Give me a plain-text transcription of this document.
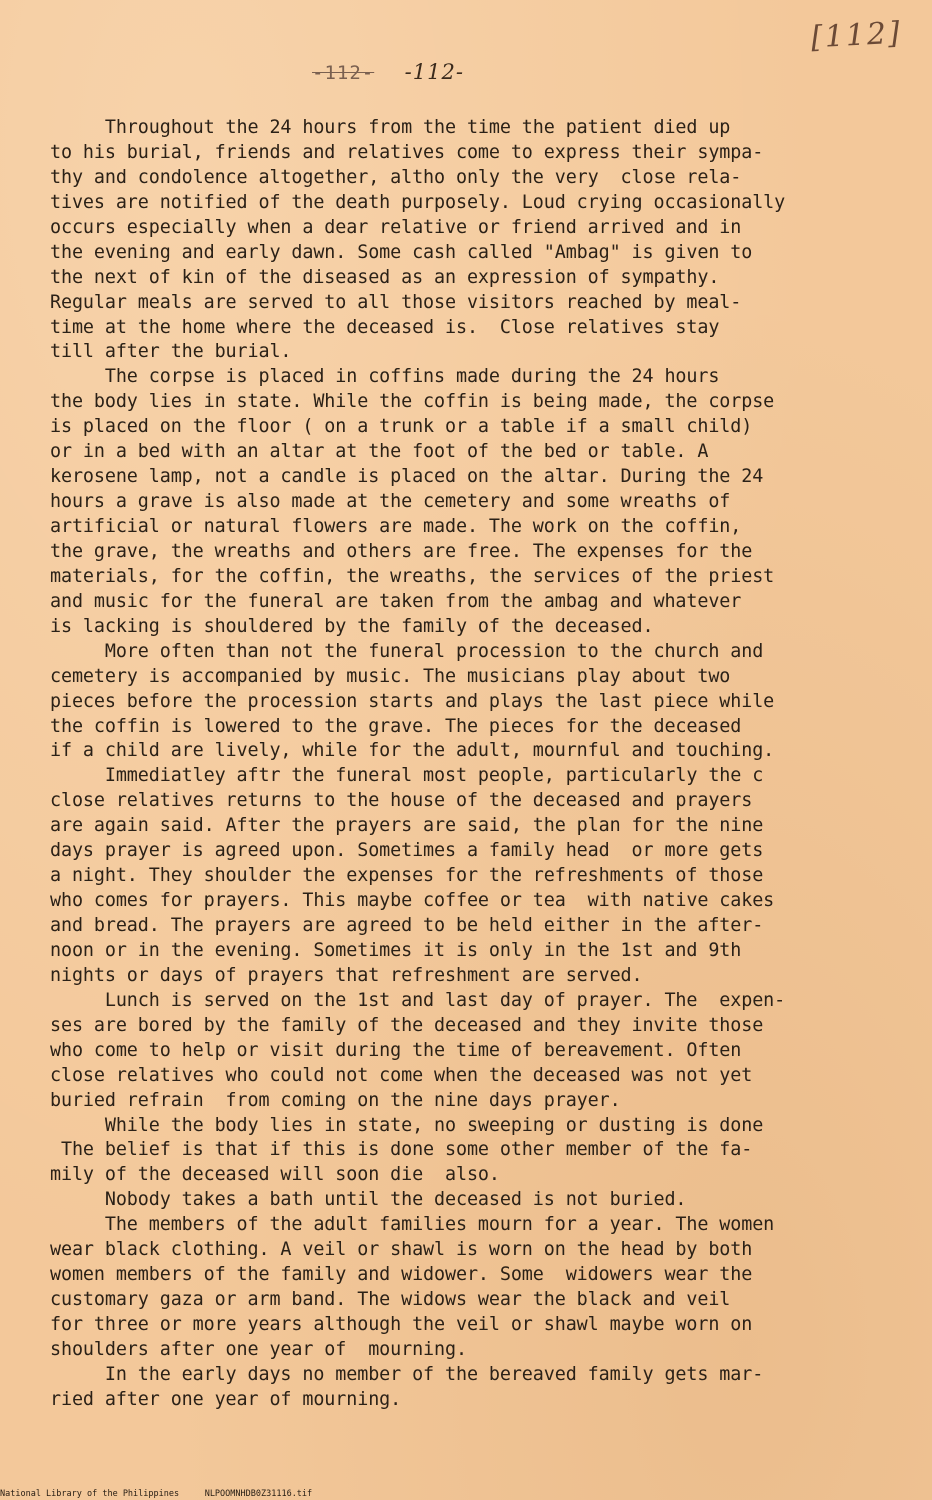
[112]
-112- -112-
Throughout the 24 hours from the time the patient died up
to his burial, friends and relatives come to express their sympa-
thy and condolence altogether, altho only the very  close rela-
tives are notified of the death purposely. Loud crying occasionally
occurs especially when a dear relative or friend arrived and in
the evening and early dawn. Some cash called "Ambag" is given to
the next of kin of the diseased as an expression of sympathy.
Regular meals are served to all those visitors reached by meal-
time at the home where the deceased is.  Close relatives stay
till after the burial.
The corpse is placed in coffins made during the 24 hours
the body lies in state. While the coffin is being made, the corpse
is placed on the floor ( on a trunk or a table if a small child)
or in a bed with an altar at the foot of the bed or table. A
kerosene lamp, not a candle is placed on the altar. During the 24
hours a grave is also made at the cemetery and some wreaths of
artificial or natural flowers are made. The work on the coffin,
the grave, the wreaths and others are free. The expenses for the
materials, for the coffin, the wreaths, the services of the priest
and music for the funeral are taken from the ambag and whatever
is lacking is shouldered by the family of the deceased.
More often than not the funeral procession to the church and
cemetery is accompanied by music. The musicians play about two
pieces before the procession starts and plays the last piece while
the coffin is lowered to the grave. The pieces for the deceased
if a child are lively, while for the adult, mournful and touching.
Immediatley aftr the funeral most people, particularly the c
close relatives returns to the house of the deceased and prayers
are again said. After the prayers are said, the plan for the nine
days prayer is agreed upon. Sometimes a family head  or more gets
a night. They shoulder the expenses for the refreshments of those
who comes for prayers. This maybe coffee or tea  with native cakes
and bread. The prayers are agreed to be held either in the after-
noon or in the evening. Sometimes it is only in the 1st and 9th
nights or days of prayers that refreshment are served.
Lunch is served on the 1st and last day of prayer. The  expen-
ses are bored by the family of the deceased and they invite those
who come to help or visit during the time of bereavement. Often
close relatives who could not come when the deceased was not yet
buried refrain  from coming on the nine days prayer.
While the body lies in state, no sweeping or dusting is done
The belief is that if this is done some other member of the fa-
mily of the deceased will soon die  also.
Nobody takes a bath until the deceased is not buried.
The members of the adult families mourn for a year. The women
wear black clothing. A veil or shawl is worn on the head by both
women members of the family and widower. Some  widowers wear the
customary gaza or arm band. The widows wear the black and veil
for three or more years although the veil or shawl maybe worn on
shoulders after one year of  mourning.
In the early days no member of the bereaved family gets mar-
ried after one year of mourning.
National Library of the Philippines     NLPOOMNHDB0Z31116.tif
